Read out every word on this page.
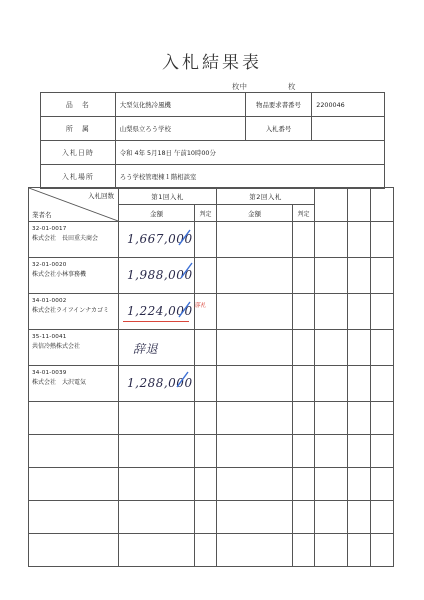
入札結果表
枚中	枚
品　名	大型気化熱冷風機	物品要求書番号	2200046
所　属	山梨県立ろう学校	入札番号	
入札日時	令和 4年 5月18日 午前10時00分		
入札場所	ろう学校管理棟１階相談室		
入札回数
業者名	第1回入札		第2回入札				
	金額	判定	金額	判定			

32-01-0017
株式会社　長田重夫商会	1,667,000						

32-01-0020
株式会社小林事務機	1,988,000						

34-01-0002
株式会社ライフインナカゴミ	1,224,000 落札						

35-11-0041
共信冷熱株式会社	辞退						

34-01-0039
株式会社　大沢電気	1,288,000						
